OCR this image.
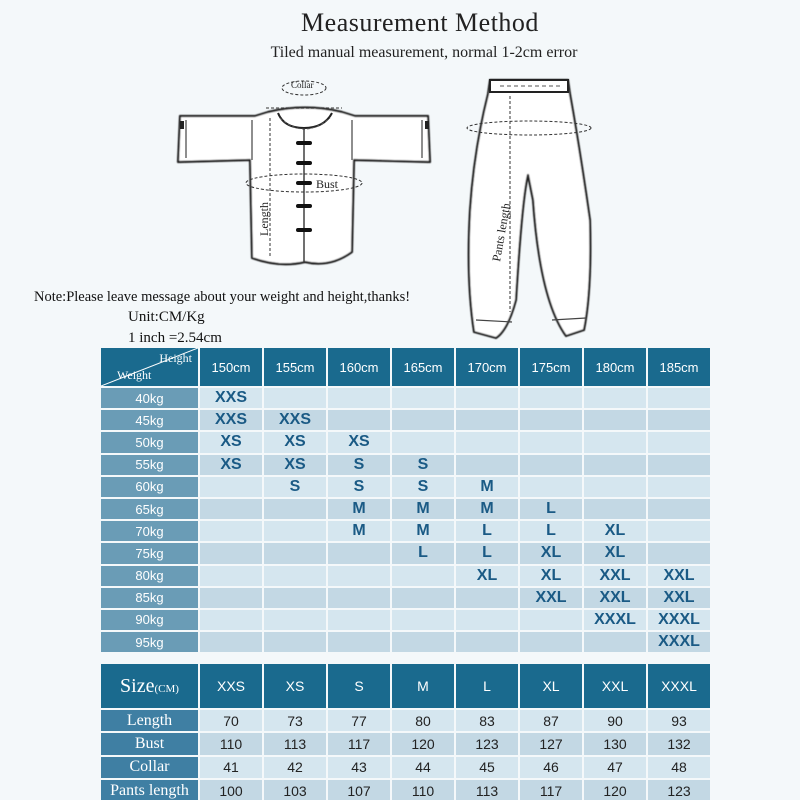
Measurement Method
Tiled manual measurement, normal 1-2cm error
Collar
Bust
Length	Pants length
Note:Please leave message about your weight and height,thanks!
Unit:CM/Kg
1 inch =2.54cm
Height
Weight	150cm	155cm	160cm	165cm	170cm	175cm	180cm	185cm
40kg	XXS							
45kg	XXS	XXS						
50kg	XS	XS	XS					
55kg	XS	XS	S	S				
60kg		S	S	S	M			
65kg			M	M	M	L		
70kg			M	M	L	L	XL	
75kg				L	L	XL	XL	
80kg					XL	XL	XXL	XXL
85kg						XXL	XXL	XXL
90kg							XXXL	XXXL
95kg								XXXL
Size(CM)	XXS	XS	S	M	L	XL	XXL	XXXL
Length	70	73	77	80	83	87	90	93
Bust	110	113	117	120	123	127	130	132
Collar	41	42	43	44	45	46	47	48
Pants length	100	103	107	110	113	117	120	123
